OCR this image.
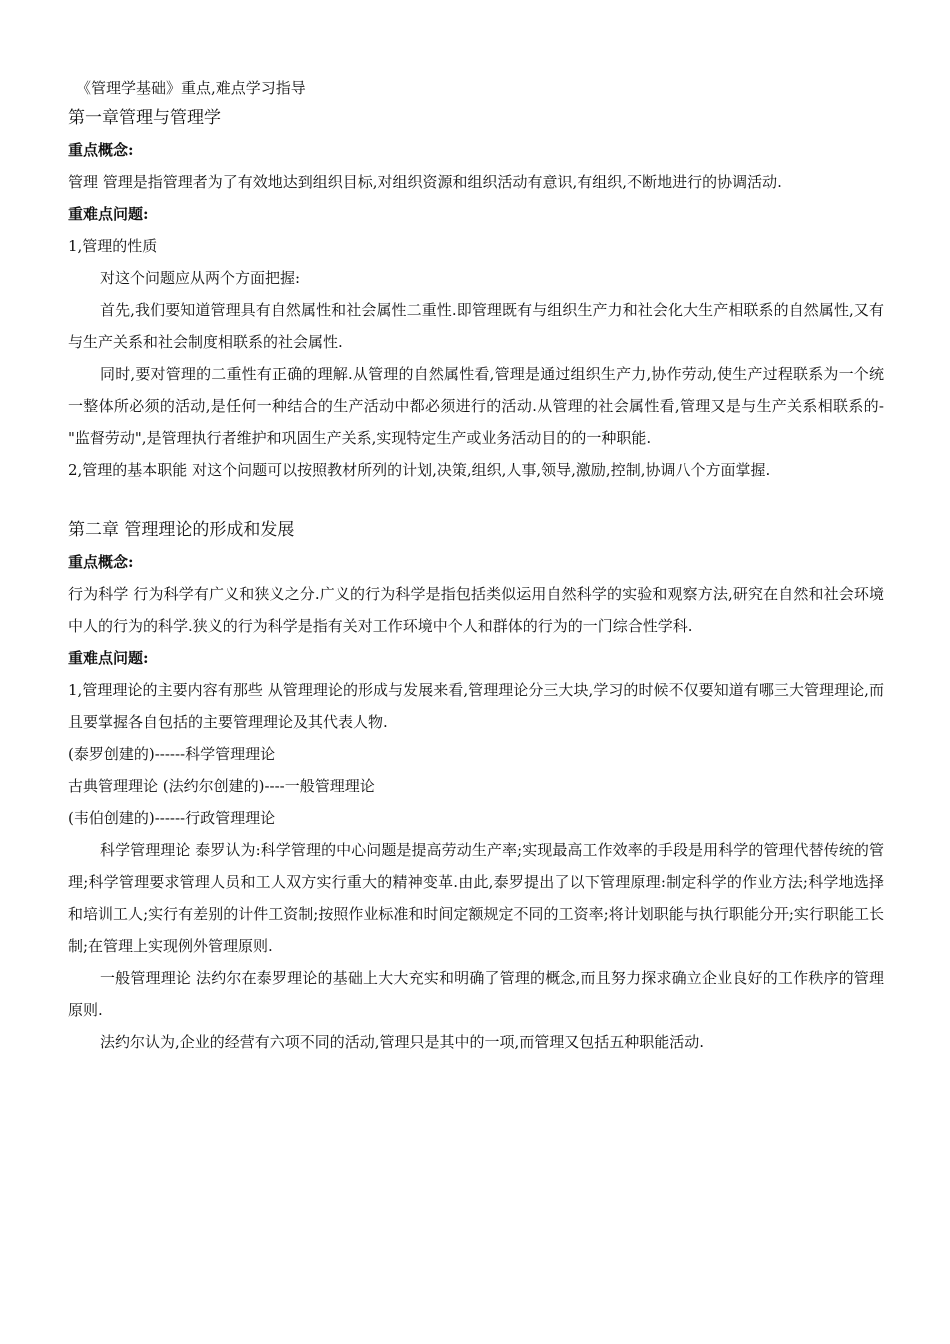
《管理学基础》重点,难点学习指导
第一章管理与管理学
重点概念:
管理 管理是指管理者为了有效地达到组织目标,对组织资源和组织活动有意识,有组织,不断地进行的协调活动.
重难点问题:
1,管理的性质
对这个问题应从两个方面把握:
首先,我们要知道管理具有自然属性和社会属性二重性.即管理既有与组织生产力和社会化大生产相联系的自然属性,又有与生产关系和社会制度相联系的社会属性.
同时,要对管理的二重性有正确的理解.从管理的自然属性看,管理是通过组织生产力,协作劳动,使生产过程联系为一个统一整体所必须的活动,是任何一种结合的生产活动中都必须进行的活动.从管理的社会属性看,管理又是与生产关系相联系的- "监督劳动",是管理执行者维护和巩固生产关系,实现特定生产或业务活动目的的一种职能.
2,管理的基本职能 对这个问题可以按照教材所列的计划,决策,组织,人事,领导,激励,控制,协调八个方面掌握.
第二章 管理理论的形成和发展
重点概念:
行为科学 行为科学有广义和狭义之分.广义的行为科学是指包括类似运用自然科学的实验和观察方法,研究在自然和社会环境中人的行为的科学.狭义的行为科学是指有关对工作环境中个人和群体的行为的一门综合性学科.
重难点问题:
1,管理理论的主要内容有那些 从管理理论的形成与发展来看,管理理论分三大块,学习的时候不仅要知道有哪三大管理理论,而且要掌握各自包括的主要管理理论及其代表人物.
(泰罗创建的)------科学管理理论
古典管理理论 (法约尔创建的)----一般管理理论
(韦伯创建的)------行政管理理论
科学管理理论 泰罗认为:科学管理的中心问题是提高劳动生产率;实现最高工作效率的手段是用科学的管理代替传统的管理;科学管理要求管理人员和工人双方实行重大的精神变革.由此,泰罗提出了以下管理原理:制定科学的作业方法;科学地选择和培训工人;实行有差别的计件工资制;按照作业标准和时间定额规定不同的工资率;将计划职能与执行职能分开;实行职能工长制;在管理上实现例外管理原则.
一般管理理论 法约尔在泰罗理论的基础上大大充实和明确了管理的概念,而且努力探求确立企业良好的工作秩序的管理原则.
法约尔认为,企业的经营有六项不同的活动,管理只是其中的一项,而管理又包括五种职能活动.
